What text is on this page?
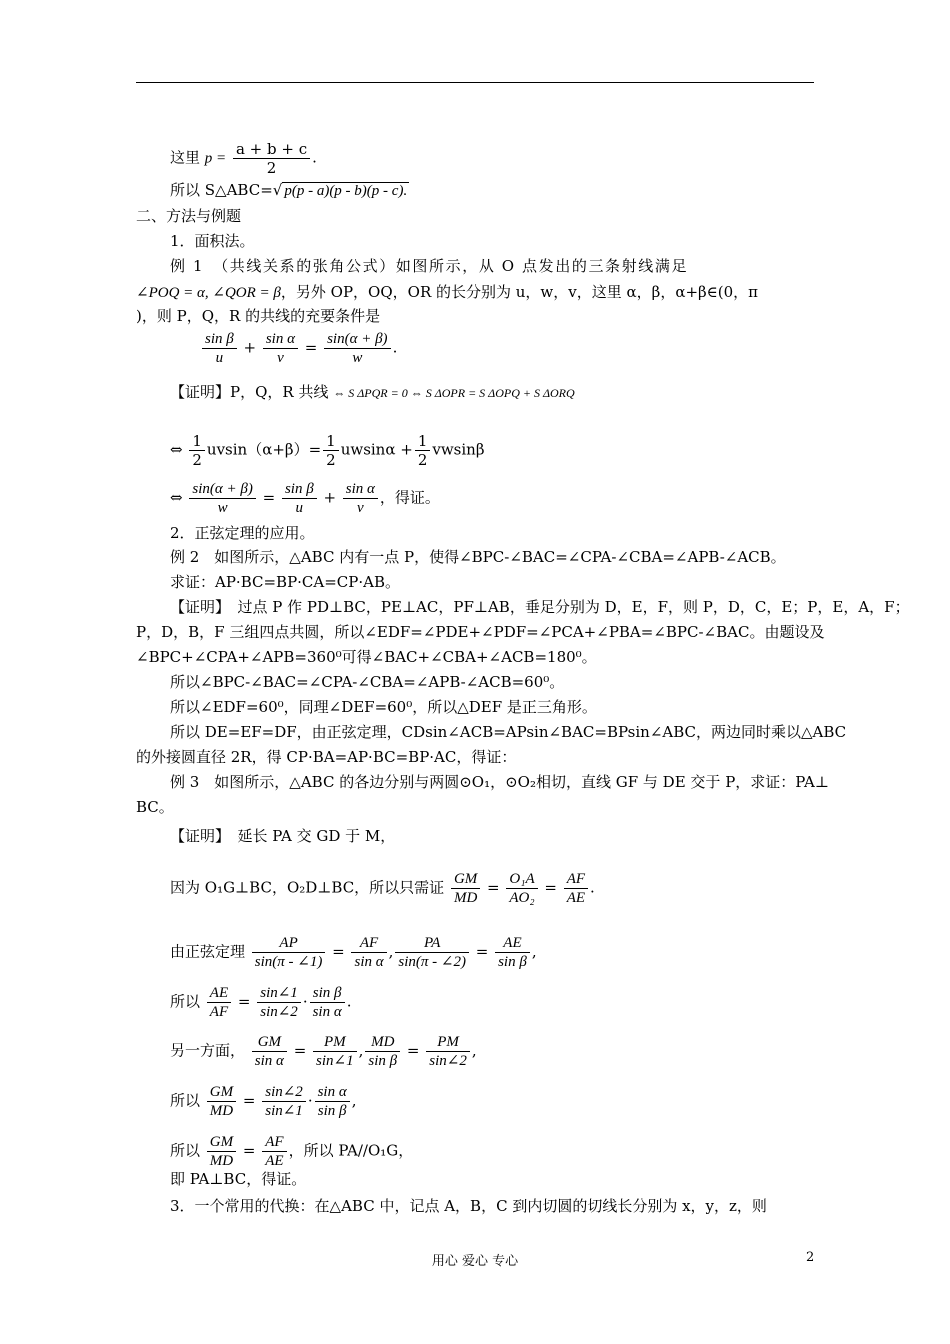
这里 $p = \frac{a + b + c}{2}$ .
所以 S△ABC=√ p(p - a)(p - b)(p - c).
二、方法与例题
1．面积法。
例 1　（共线关系的张角公式）如图所示，从 O 点发出的三条射线满足
∠POQ = α, ∠QOR = β，另外 OP，OQ，OR 的长分别为 u，w，v，这里 α，β，α+β∈(0，π
)，则 P，Q，R 的共线的充要条件是
$\frac{\text{sin β}}{u} + \frac{\text{sin α}}{v} = \frac{\sin(\alpha + \beta)}{w}$ .
【证明】P，Q，R 共线 ⇔ S ΔPQR = 0 ⇔ S ΔOPR = S ΔOPQ + S ΔORQ
⇔ $\frac{1}{2} uvsin(\alpha+\beta)= \frac{1}{2}$ $uwsin\alpha + \frac{1}{2}$ vwsinβ
⇔ $\frac{\sin(\alpha + \beta)}{w} = \frac{\text{sin β}}{u} + \frac{\text{sin α}}{v}$ ，得证。
2．正弦定理的应用。
例 2　如图所示，△ABC 内有一点 P，使得∠BPC-∠BAC=∠CPA-∠CBA=∠APB-∠ACB。
求证：AP·BC=BP·CA=CP·AB。
【证明】　过点 P 作 PD⊥BC，PE⊥AC，PF⊥AB，垂足分别为 D，E，F，则 P，D，C，E；P，E，A，F；
P，D，B，F 三组四点共圆，所以∠EDF=∠PDE+∠PDF=∠PCA+∠PBA=∠BPC-∠BAC。由题设及
∠BPC+∠CPA+∠APB=360⁰可得∠BAC+∠CBA+∠ACB=180⁰。
所以∠BPC-∠BAC=∠CPA-∠CBA=∠APB-∠ACB=60⁰。
所以∠EDF=60⁰，同理∠DEF=60⁰，所以△DEF 是正三角形。
所以 DE=EF=DF，由正弦定理，CDsin∠ACB=APsin∠BAC=BPsin∠ABC，两边同时乘以△ABC
的外接圆直径 2R，得 CP·BA=AP·BC=BP·AC，得证：
例 3　如图所示，△ABC 的各边分别与两圆⊙O₁，⊙O₂相切，直线 GF 与 DE 交于 P，求证：PA⊥
BC。
【证明】　延长 PA 交 GD 于 M，
因为 O₁G⊥BC，O₂D⊥BC，所以只需证 $\frac{GM}{MD} = \frac{\text{O₁A}}{\text{AO₂}} = \frac{AF}{AE}$ .
由正弦定理 $\frac{AP}{\sin(\pi - \angle 1)} = \frac{AF}{\text{sin α}}$ , $\frac{PA}{\sin(\pi - \angle 2)} = \frac{AE}{\text{sin β}}$ ,
所以 $\frac{AE}{AF} = \frac{\sin\angle 1}{\sin\angle 2} \cdot \frac{\text{sin β}}{\text{sin α}}$ .
另一方面， $\frac{GM}{\text{sin α}} = \frac{PM}{\sin\angle 1}$ , $\frac{MD}{\text{sin β}} = \frac{PM}{\sin\angle 2}$ ,
所以 $\frac{GM}{MD} = \frac{\sin\angle 2}{\sin\angle 1} \cdot \frac{\text{sin α}}{\text{sin β}}$ ,
所以 $\frac{GM}{MD} = \frac{AF}{AE}$ ，所以 PA//O₁G，
即 PA⊥BC，得证。
3．一个常用的代换：在△ABC 中，记点 A，B，C 到内切圆的切线长分别为 x，y，z，则
用心 爱心 专心	2
